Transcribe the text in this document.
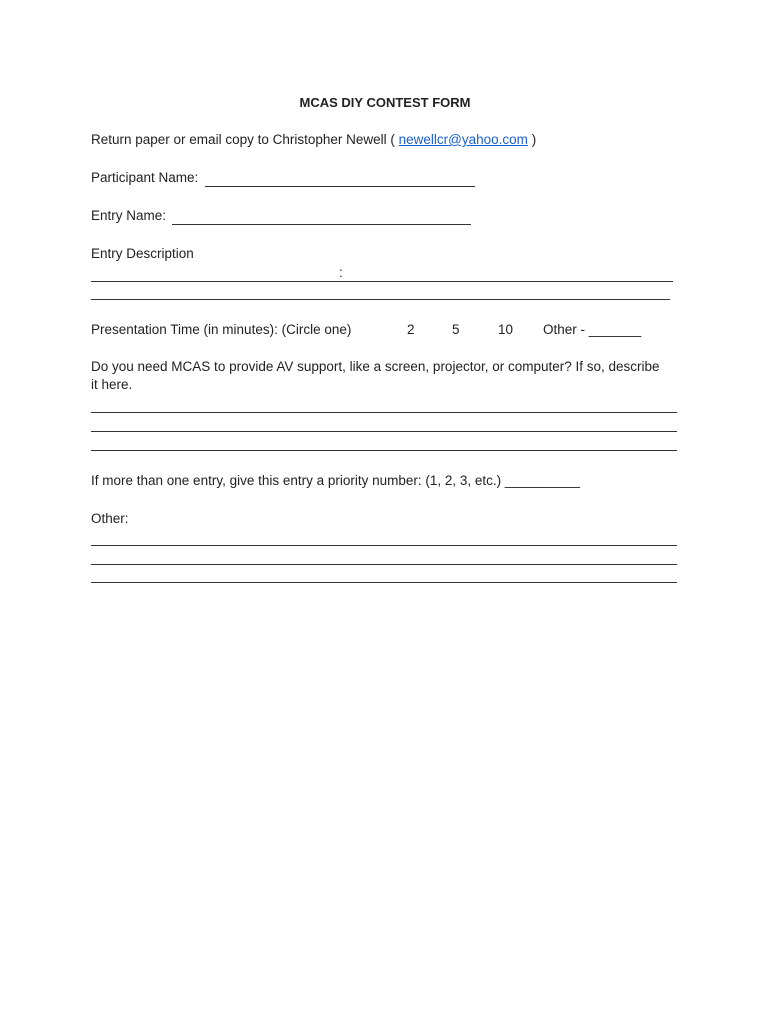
MCAS DIY CONTEST FORM
Return paper or email copy to Christopher Newell ( newellcr@yahoo.com )
Participant Name:
Entry Name:
Entry Description
:
Presentation Time (in minutes): (Circle one)	2	5	10 Other - _______
Do you need MCAS to provide AV support, like a screen, projector, or computer? If so, describe
it here.
If more than one entry, give this entry a priority number: (1, 2, 3, etc.) __________
Other:
